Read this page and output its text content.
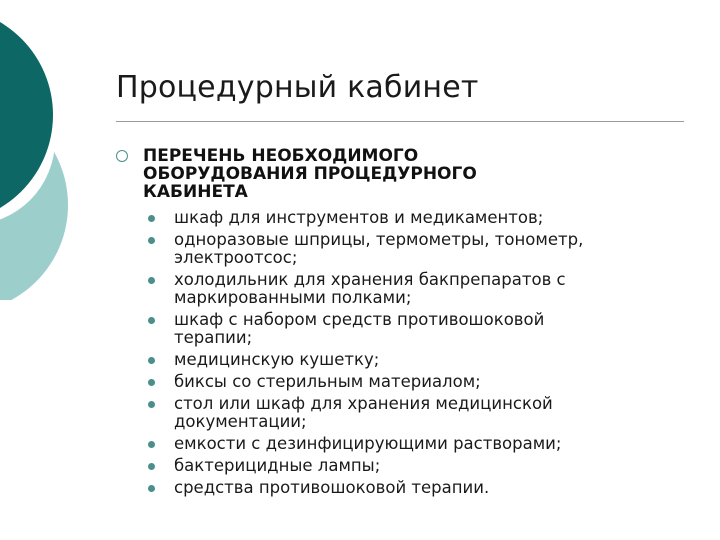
Процедурный кабинет
ПЕРЕЧЕНЬ НЕОБХОДИМОГО
ОБОРУДОВАНИЯ ПРОЦЕДУРНОГО
КАБИНЕТА
шкаф для инструментов и медикаментов;
одноразовые шприцы, термометры, тонометр,
электроотсос;
холодильник для хранения бакпрепаратов с
маркированными полками;
шкаф с набором средств противошоковой
терапии;
медицинскую кушетку;
биксы со стерильным материалом;
стол или шкаф для хранения медицинской
документации;
емкости с дезинфицирующими растворами;
бактерицидные лампы;
средства противошоковой терапии.
